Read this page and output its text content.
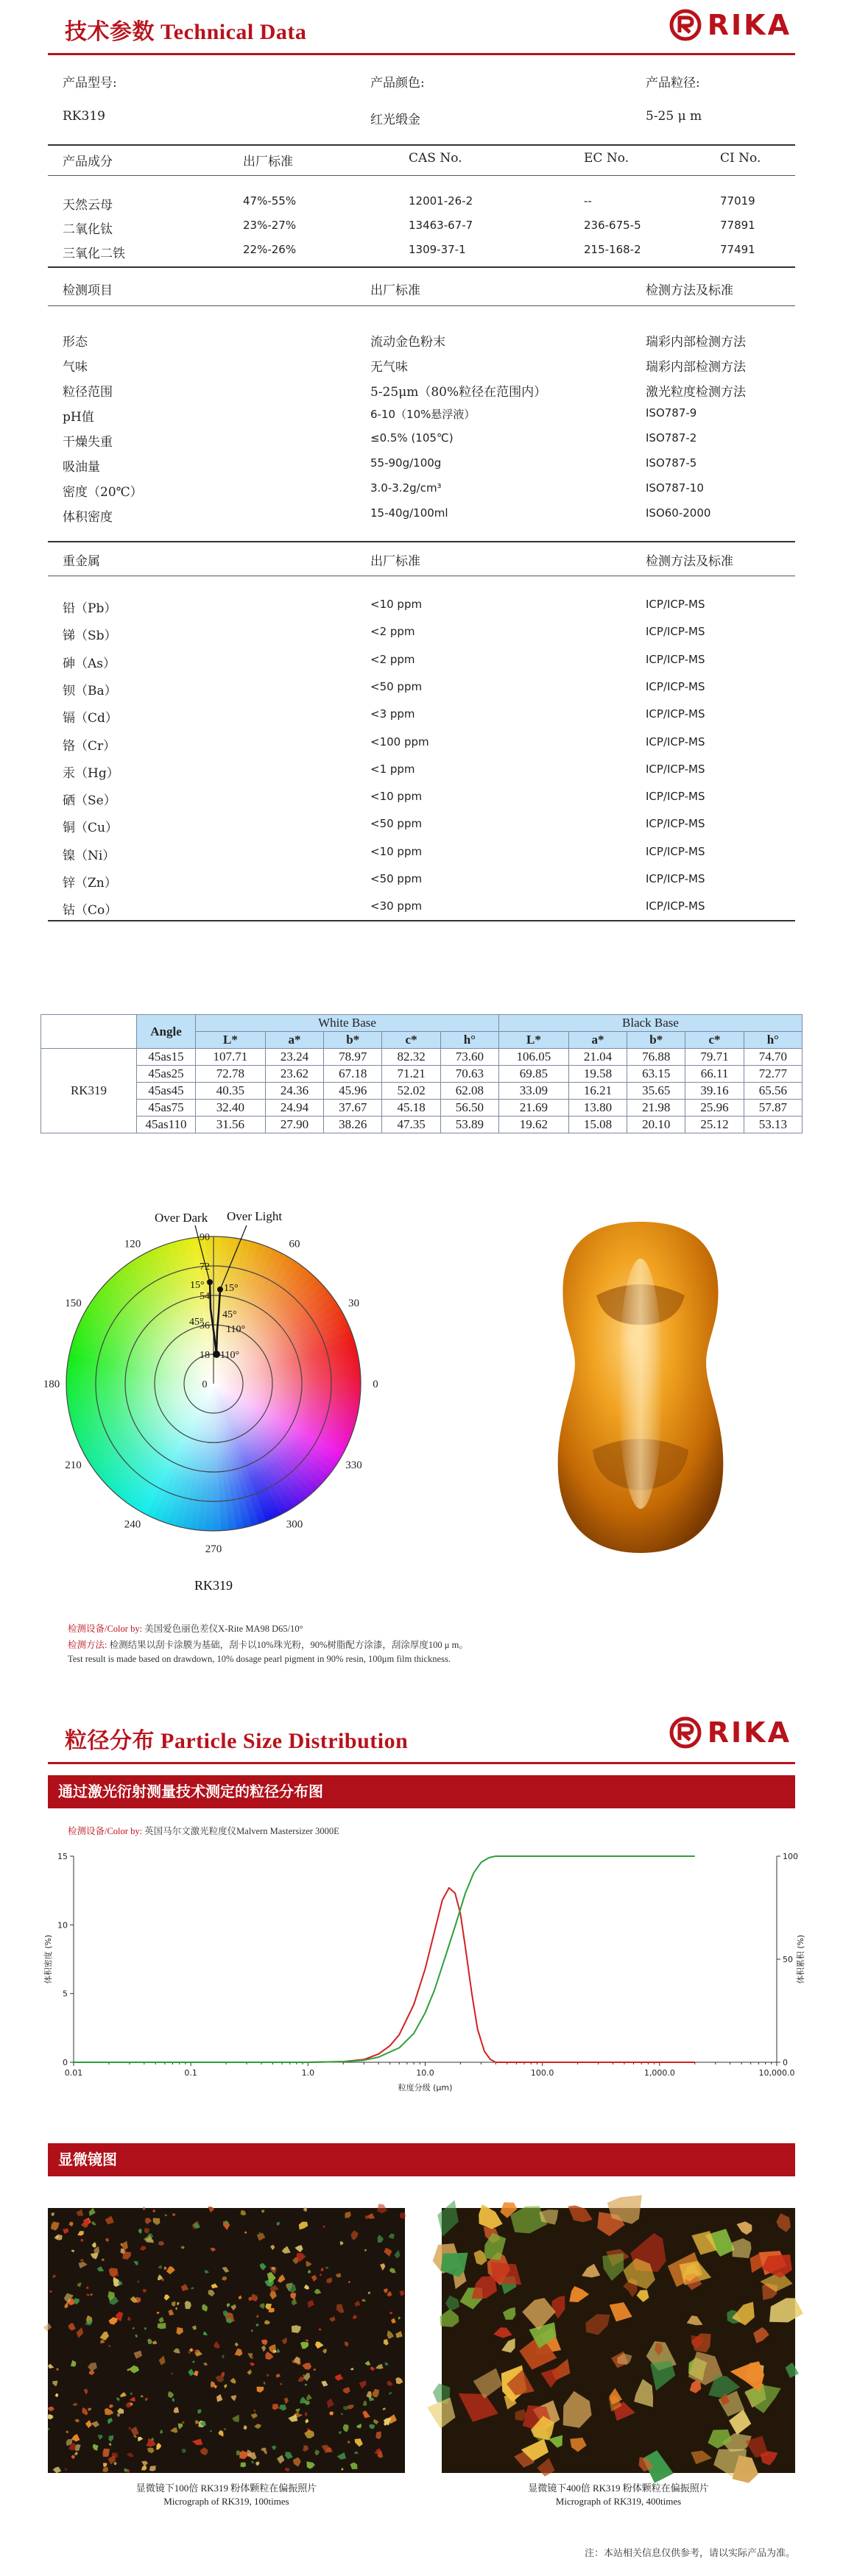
技术参数 Technical Data	RIKA
产品型号:	产品颜色:	产品粒径:
RK319	红光缎金	5-25 μ m
产品成分	出厂标准	CAS No.	EC No.	CI No.
天然云母	47%-55%	12001-26-2	--	77019
二氧化钛	23%-27%	13463-67-7	236-675-5	77891
三氧化二铁	22%-26%	1309-37-1	215-168-2	77491
检测项目	出厂标准	检测方法及标准
形态	流动金色粉末	瑞彩内部检测方法
气味	无气味	瑞彩内部检测方法
粒径范围	5-25μm（80%粒径在范围内）	激光粒度检测方法
pH值	6-10（10%悬浮液）	ISO787-9
干燥失重	≤0.5% (105℃)	ISO787-2
吸油量	55-90g/100g	ISO787-5
密度（20℃）	3.0-3.2g/cm³	ISO787-10
体积密度	15-40g/100ml	ISO60-2000
重金属	出厂标准	检测方法及标准
铅（Pb）	<10 ppm	ICP/ICP-MS
锑（Sb）	<2 ppm	ICP/ICP-MS
砷（As）	<2 ppm	ICP/ICP-MS
钡（Ba）	<50 ppm	ICP/ICP-MS
镉（Cd）	<3 ppm	ICP/ICP-MS
铬（Cr）	<100 ppm	ICP/ICP-MS
汞（Hg）	<1 ppm	ICP/ICP-MS
硒（Se）	<10 ppm	ICP/ICP-MS
铜（Cu）	<50 ppm	ICP/ICP-MS
镍（Ni）	<10 ppm	ICP/ICP-MS
锌（Zn）	<50 ppm	ICP/ICP-MS
钴（Co）	<30 ppm	ICP/ICP-MS
	Angle	White Base					Black Base				
		L*	a*	b*	c*	h°	L*	a*	b*	c*	h°
RK319	45as15	107.71	23.24	78.97	82.32	73.60	106.05	21.04	76.88	79.71	74.70
	45as25	72.78	23.62	67.18	71.21	70.63	69.85	19.58	63.15	66.11	72.77
	45as45	40.35	24.36	45.96	52.02	62.08	33.09	16.21	35.65	39.16	65.56
	45as75	32.40	24.94	37.67	45.18	56.50	21.69	13.80	21.98	25.96	57.87
	45as110	31.56	27.90	38.26	47.35	53.89	19.62	15.08	20.10	25.12	53.13
60
30
0
330
300
270
240
210
180
150
120
90
72
54
36
18
0
Over Dark Over Light
15° 15°
45°
45°
110°
110°
RK319
检测设备/Color by: 美国爱色丽色差仪X-Rite MA98 D65/10°
检测方法: 检测结果以刮卡涂膜为基础，刮卡以10%珠光粉，90%树脂配方涂漆，刮涂厚度100 μ m。
Test result is made based on drawdown, 10% dosage pearl pigment in 90% resin, 100μm film thickness.
粒径分布 Particle Size Distribution	RIKA
通过激光衍射测量技术测定的粒径分布图
检测设备/Color by: 英国马尔文激光粒度仪Malvern Mastersizer 3000E
0.01	0.1	1.0	10.0	100.0	1,000.0	10,000.0
0
5
10
15
0
50
100
粒度分级 (μm)
体积密度 (%)	体积累积 (%)
显微镜图
显微镜下100倍 RK319 粉体颗粒在偏振照片
Micrograph of RK319, 100times
显微镜下400倍 RK319 粉体颗粒在偏振照片
Micrograph of RK319, 400times
注：本站相关信息仅供参考，请以实际产品为准。
